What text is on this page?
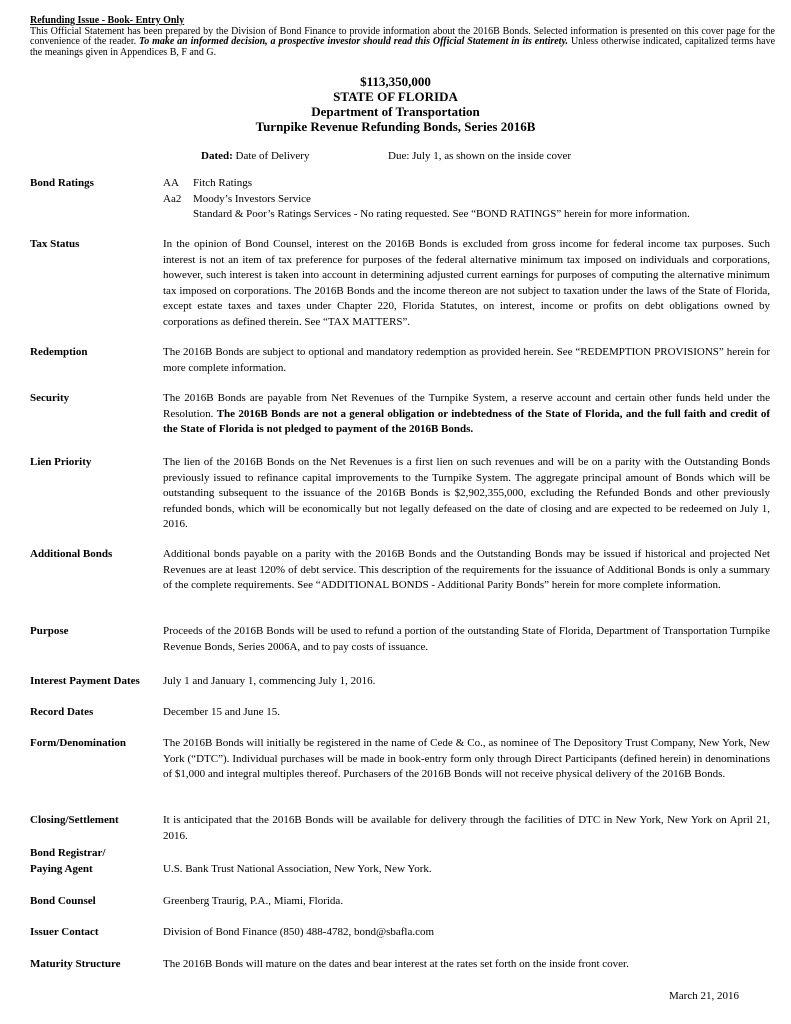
Refunding Issue - Book- Entry Only
This Official Statement has been prepared by the Division of Bond Finance to provide information about the 2016B Bonds. Selected information is presented on this cover page for the convenience of the reader. To make an informed decision, a prospective investor should read this Official Statement in its entirety. Unless otherwise indicated, capitalized terms have the meanings given in Appendices B, F and G.
$113,350,000
STATE OF FLORIDA
Department of Transportation
Turnpike Revenue Refunding Bonds, Series 2016B
Dated: Date of Delivery	Due: July 1, as shown on the inside cover
Bond Ratings	AA Fitch Ratings
Aa2 Moody’s Investors Service
Standard & Poor’s Ratings Services - No rating requested. See “BOND RATINGS” herein for more information.
Tax Status	In the opinion of Bond Counsel, interest on the 2016B Bonds is excluded from gross income for federal income tax purposes. Such interest is not an item of tax preference for purposes of the federal alternative minimum tax imposed on individuals and corporations, however, such interest is taken into account in determining adjusted current earnings for purposes of computing the alternative minimum tax imposed on corporations. The 2016B Bonds and the income thereon are not subject to taxation under the laws of the State of Florida, except estate taxes and taxes under Chapter 220, Florida Statutes, on interest, income or profits on debt obligations owned by corporations as defined therein. See “TAX MATTERS”.
Redemption	The 2016B Bonds are subject to optional and mandatory redemption as provided herein. See “REDEMPTION PROVISIONS” herein for more complete information.
Security	The 2016B Bonds are payable from Net Revenues of the Turnpike System, a reserve account and certain other funds held under the Resolution. The 2016B Bonds are not a general obligation or indebtedness of the State of Florida, and the full faith and credit of the State of Florida is not pledged to payment of the 2016B Bonds.
Lien Priority	The lien of the 2016B Bonds on the Net Revenues is a first lien on such revenues and will be on a parity with the Outstanding Bonds previously issued to refinance capital improvements to the Turnpike System. The aggregate principal amount of Bonds which will be outstanding subsequent to the issuance of the 2016B Bonds is $2,902,355,000, excluding the Refunded Bonds and other previously refunded bonds, which will be economically but not legally defeased on the date of closing and are expected to be redeemed on July 1, 2016.
Additional Bonds	Additional bonds payable on a parity with the 2016B Bonds and the Outstanding Bonds may be issued if historical and projected Net Revenues are at least 120% of debt service. This description of the requirements for the issuance of Additional Bonds is only a summary of the complete requirements. See “ADDITIONAL BONDS - Additional Parity Bonds” herein for more complete information.
Purpose	Proceeds of the 2016B Bonds will be used to refund a portion of the outstanding State of Florida, Department of Transportation Turnpike Revenue Bonds, Series 2006A, and to pay costs of issuance.
Interest Payment Dates	July 1 and January 1, commencing July 1, 2016.
Record Dates	December 15 and June 15.
Form/Denomination	The 2016B Bonds will initially be registered in the name of Cede & Co., as nominee of The Depository Trust Company, New York, New York (“DTC”). Individual purchases will be made in book-entry form only through Direct Participants (defined herein) in denominations of $1,000 and integral multiples thereof. Purchasers of the 2016B Bonds will not receive physical delivery of the 2016B Bonds.
Closing/Settlement	It is anticipated that the 2016B Bonds will be available for delivery through the facilities of DTC in New York, New York on April 21, 2016.
Bond Registrar/
Paying Agent	U.S. Bank Trust National Association, New York, New York.
Bond Counsel	Greenberg Traurig, P.A., Miami, Florida.
Issuer Contact	Division of Bond Finance (850) 488-4782, bond@sbafla.com
Maturity Structure	The 2016B Bonds will mature on the dates and bear interest at the rates set forth on the inside front cover.
March 21, 2016
